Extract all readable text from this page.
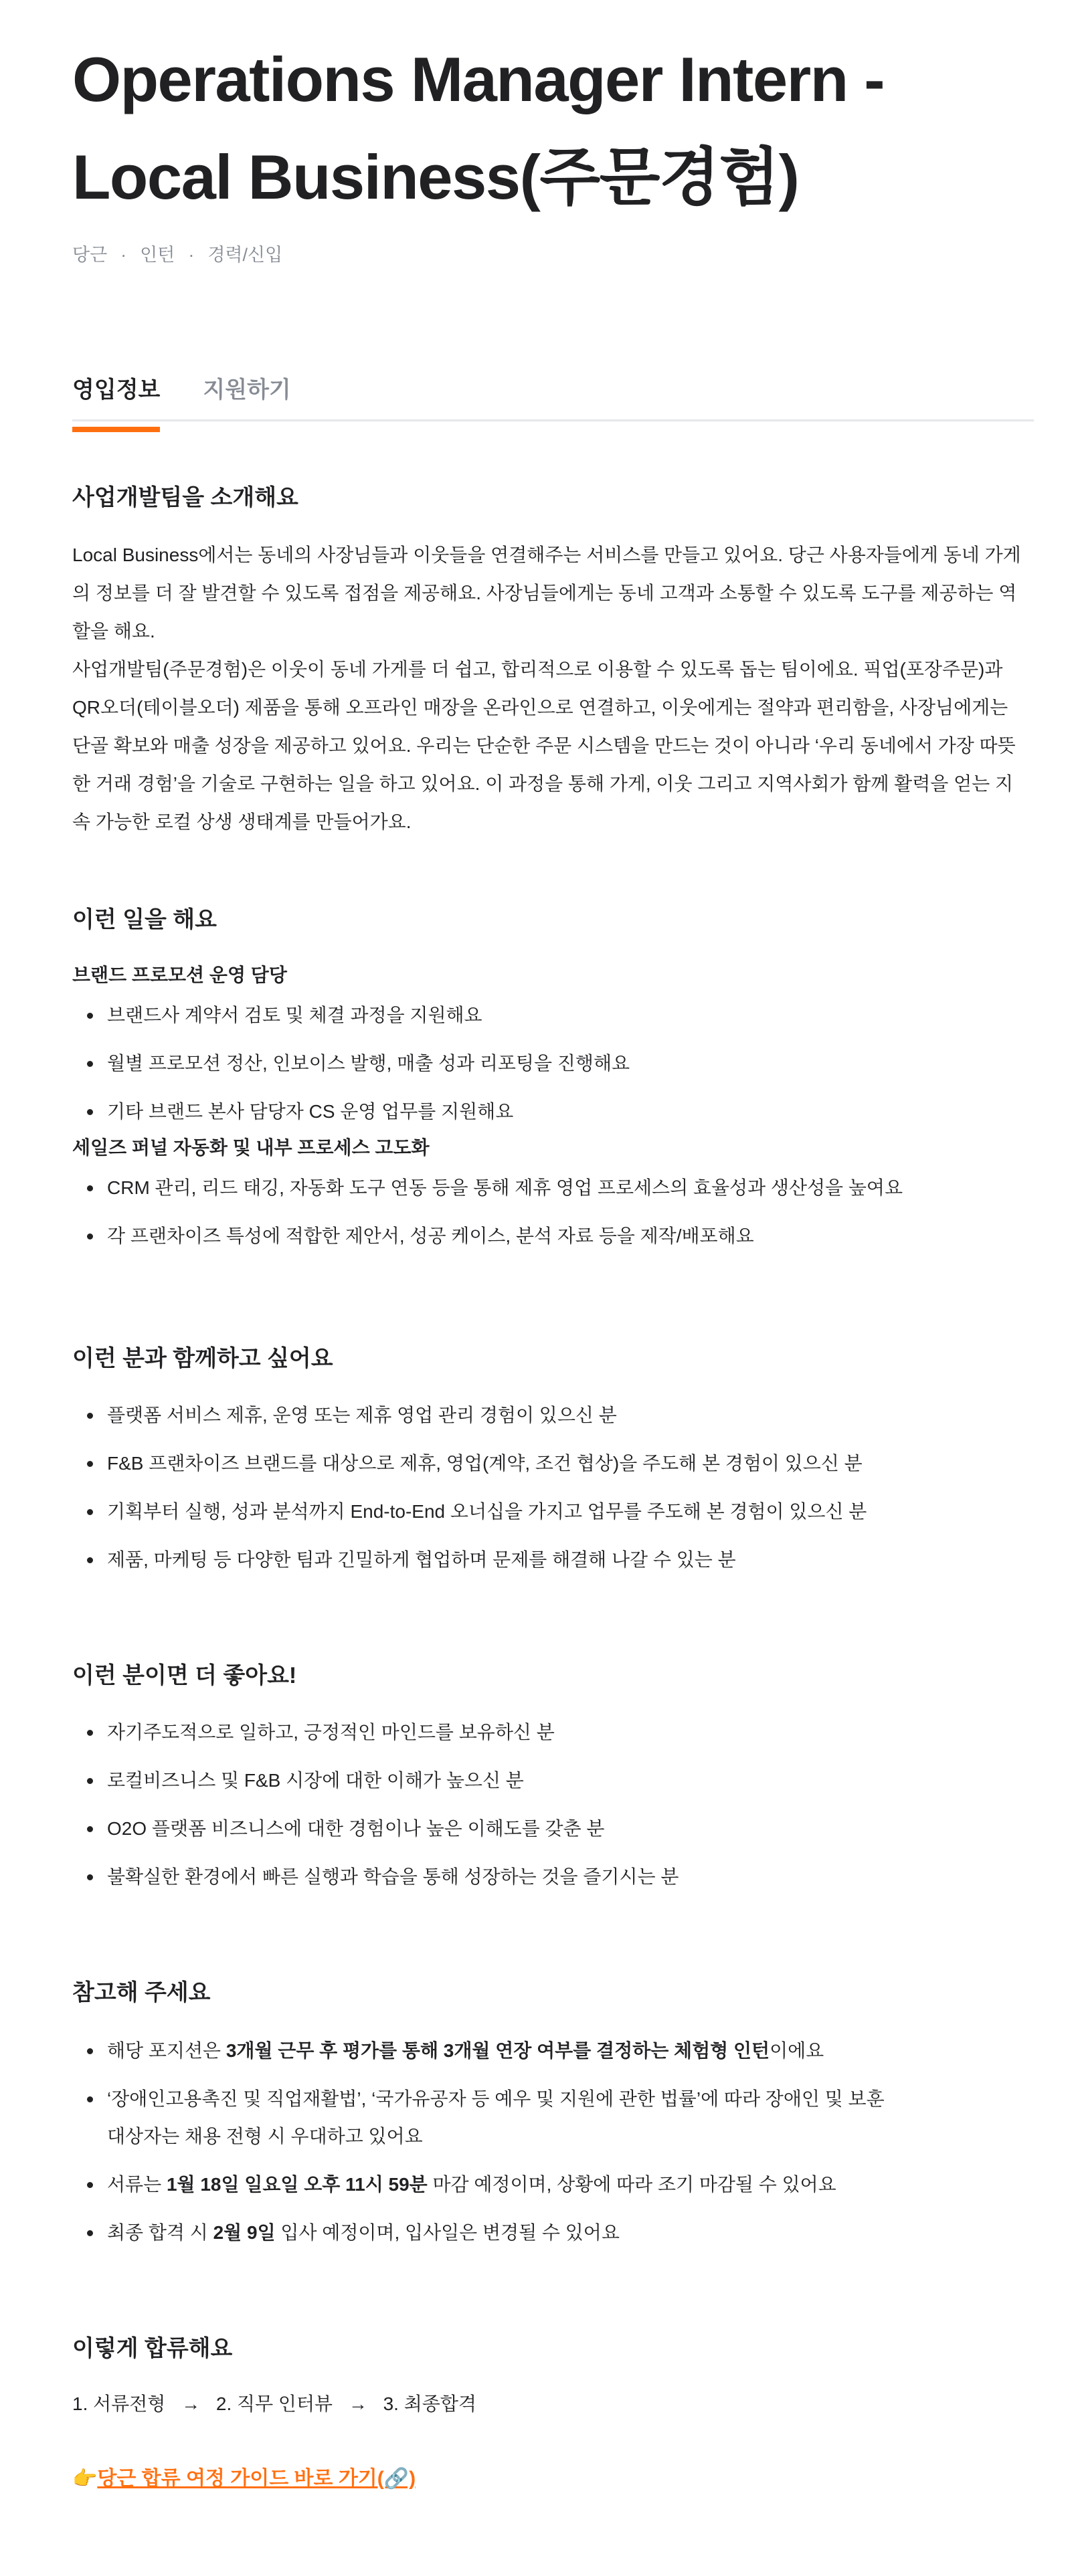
Operations Manager Intern - Local Business(주문경험)
당근 · 인턴 · 경력/신입
영입정보 지원하기
사업개발팀을 소개해요

Local Business에서는 동네의 사장님들과 이웃들을 연결해주는 서비스를 만들고 있어요. 당근 사용자들에게 동네 가게의 정보를 더 잘 발견할 수 있도록 접점을 제공해요. 사장님들에게는 동네 고객과 소통할 수 있도록 도구를 제공하는 역할을 해요.

사업개발팀(주문경험)은 이웃이 동네 가게를 더 쉽고, 합리적으로 이용할 수 있도록 돕는 팀이에요. 픽업(포장주문)과 QR오더(테이블오더) 제품을 통해 오프라인 매장을 온라인으로 연결하고, 이웃에게는 절약과 편리함을, 사장님에게는 단골 확보와 매출 성장을 제공하고 있어요. 우리는 단순한 주문 시스템을 만드는 것이 아니라 ‘우리 동네에서 가장 따뜻한 거래 경험’을 기술로 구현하는 일을 하고 있어요. 이 과정을 통해 가게, 이웃 그리고 지역사회가 함께 활력을 얻는 지속 가능한 로컬 상생 생태계를 만들어가요.

이런 일을 해요
브랜드 프로모션 운영 담당
브랜드사 계약서 검토 및 체결 과정을 지원해요
월별 프로모션 정산, 인보이스 발행, 매출 성과 리포팅을 진행해요
기타 브랜드 본사 담당자 CS 운영 업무를 지원해요
세일즈 퍼널 자동화 및 내부 프로세스 고도화
CRM 관리, 리드 태깅, 자동화 도구 연동 등을 통해 제휴 영업 프로세스의 효율성과 생산성을 높여요
각 프랜차이즈 특성에 적합한 제안서, 성공 케이스, 분석 자료 등을 제작/배포해요
이런 분과 함께하고 싶어요
플랫폼 서비스 제휴, 운영 또는 제휴 영업 관리 경험이 있으신 분
F&B 프랜차이즈 브랜드를 대상으로 제휴, 영업(계약, 조건 협상)을 주도해 본 경험이 있으신 분
기획부터 실행, 성과 분석까지 End-to-End 오너십을 가지고 업무를 주도해 본 경험이 있으신 분
제품, 마케팅 등 다양한 팀과 긴밀하게 협업하며 문제를 해결해 나갈 수 있는 분
이런 분이면 더 좋아요!
자기주도적으로 일하고, 긍정적인 마인드를 보유하신 분
로컬비즈니스 및 F&B 시장에 대한 이해가 높으신 분
O2O 플랫폼 비즈니스에 대한 경험이나 높은 이해도를 갖춘 분
불확실한 환경에서 빠른 실행과 학습을 통해 성장하는 것을 즐기시는 분
참고해 주세요
해당 포지션은 3개월 근무 후 평가를 통해 3개월 연장 여부를 결정하는 체험형 인턴이에요
‘장애인고용촉진 및 직업재활법’, ‘국가유공자 등 예우 및 지원에 관한 법률’에 따라 장애인 및 보훈대상자는 채용 전형 시 우대하고 있어요
서류는 1월 18일 일요일 오후 11시 59분 마감 예정이며, 상황에 따라 조기 마감될 수 있어요
최종 합격 시 2월 9일 입사 예정이며, 입사일은 변경될 수 있어요
이렇게 합류해요
1. 서류전형 → 2. 직무 인터뷰 → 3. 최종합격
👉당근 합류 여정 가이드 바로 가기(🔗)
